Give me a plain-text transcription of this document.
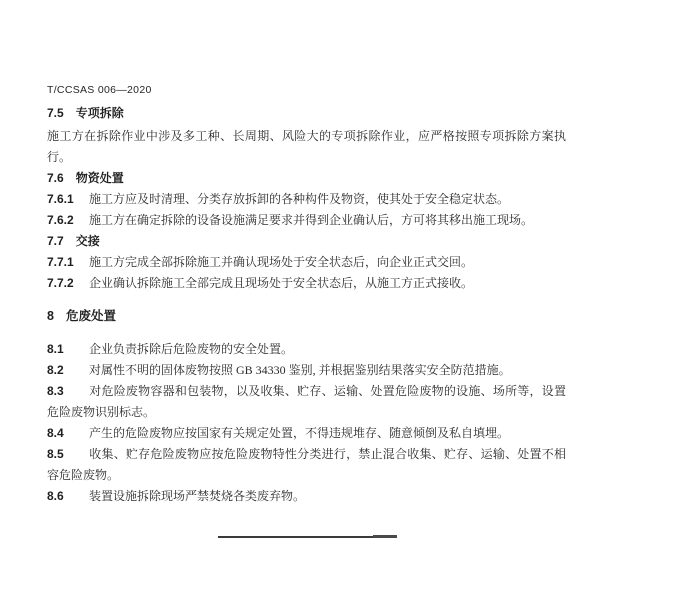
T/CCSAS 006—2020
7.5 专项拆除
施工方在拆除作业中涉及多工种、长周期、风险大的专项拆除作业，应严格按照专项拆除方案执行。
7.6 物资处置
7.6.1 施工方应及时清理、分类存放拆卸的各种构件及物资，使其处于安全稳定状态。
7.6.2 施工方在确定拆除的设备设施满足要求并得到企业确认后，方可将其移出施工现场。
7.7 交接
7.7.1 施工方完成全部拆除施工并确认现场处于安全状态后，向企业正式交回。
7.7.2 企业确认拆除施工全部完成且现场处于安全状态后，从施工方正式接收。
8 危废处置
8.1 企业负责拆除后危险废物的安全处置。
8.2 对属性不明的固体废物按照 GB 34330 鉴别, 并根据鉴别结果落实安全防范措施。
8.3 对危险废物容器和包装物，以及收集、贮存、运输、处置危险废物的设施、场所等，设置危险废物识别标志。
8.4 产生的危险废物应按国家有关规定处置，不得违规堆存、随意倾倒及私自填埋。
8.5 收集、贮存危险废物应按危险废物特性分类进行，禁止混合收集、贮存、运输、处置不相容危险废物。
8.6 装置设施拆除现场严禁焚烧各类废弃物。
